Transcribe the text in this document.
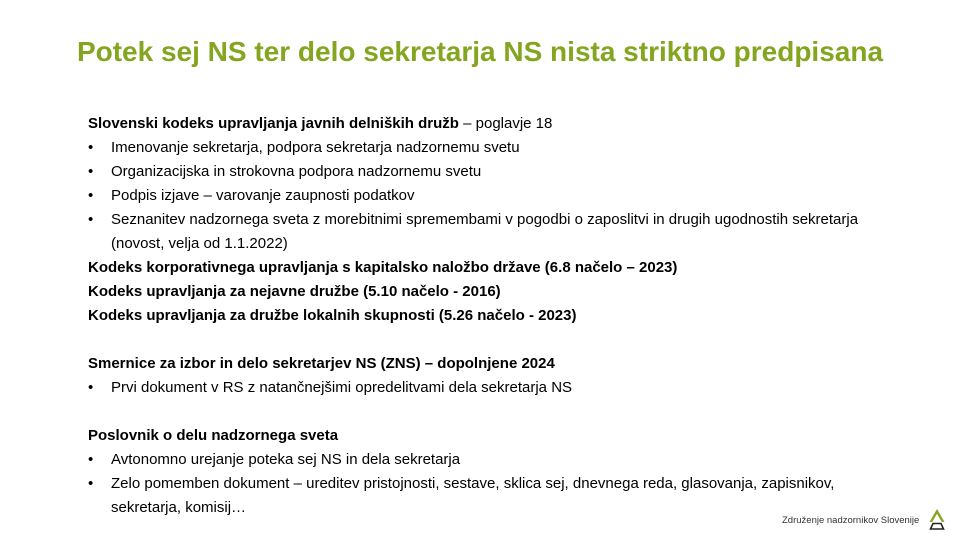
Potek sej NS ter delo sekretarja NS nista striktno predpisana
Slovenski kodeks upravljanja javnih delniških družb – poglavje 18
• Imenovanje sekretarja, podpora sekretarja nadzornemu svetu
• Organizacijska in strokovna podpora nadzornemu svetu
• Podpis izjave – varovanje zaupnosti podatkov
• Seznanitev nadzornega sveta z morebitnimi spremembami v pogodbi o zaposlitvi in drugih ugodnostih sekretarja
(novost, velja od 1.1.2022)
Kodeks korporativnega upravljanja s kapitalsko naložbo države (6.8 načelo – 2023)
Kodeks upravljanja za nejavne družbe (5.10 načelo - 2016)
Kodeks upravljanja za družbe lokalnih skupnosti (5.26 načelo - 2023)
Smernice za izbor in delo sekretarjev NS (ZNS) – dopolnjene 2024
• Prvi dokument v RS z natančnejšimi opredelitvami dela sekretarja NS
Poslovnik o delu nadzornega sveta
• Avtonomno urejanje poteka sej NS in dela sekretarja
• Zelo pomemben dokument – ureditev pristojnosti, sestave, sklica sej, dnevnega reda, glasovanja, zapisnikov,
sekretarja, komisij…
Združenje nadzornikov Slovenije
